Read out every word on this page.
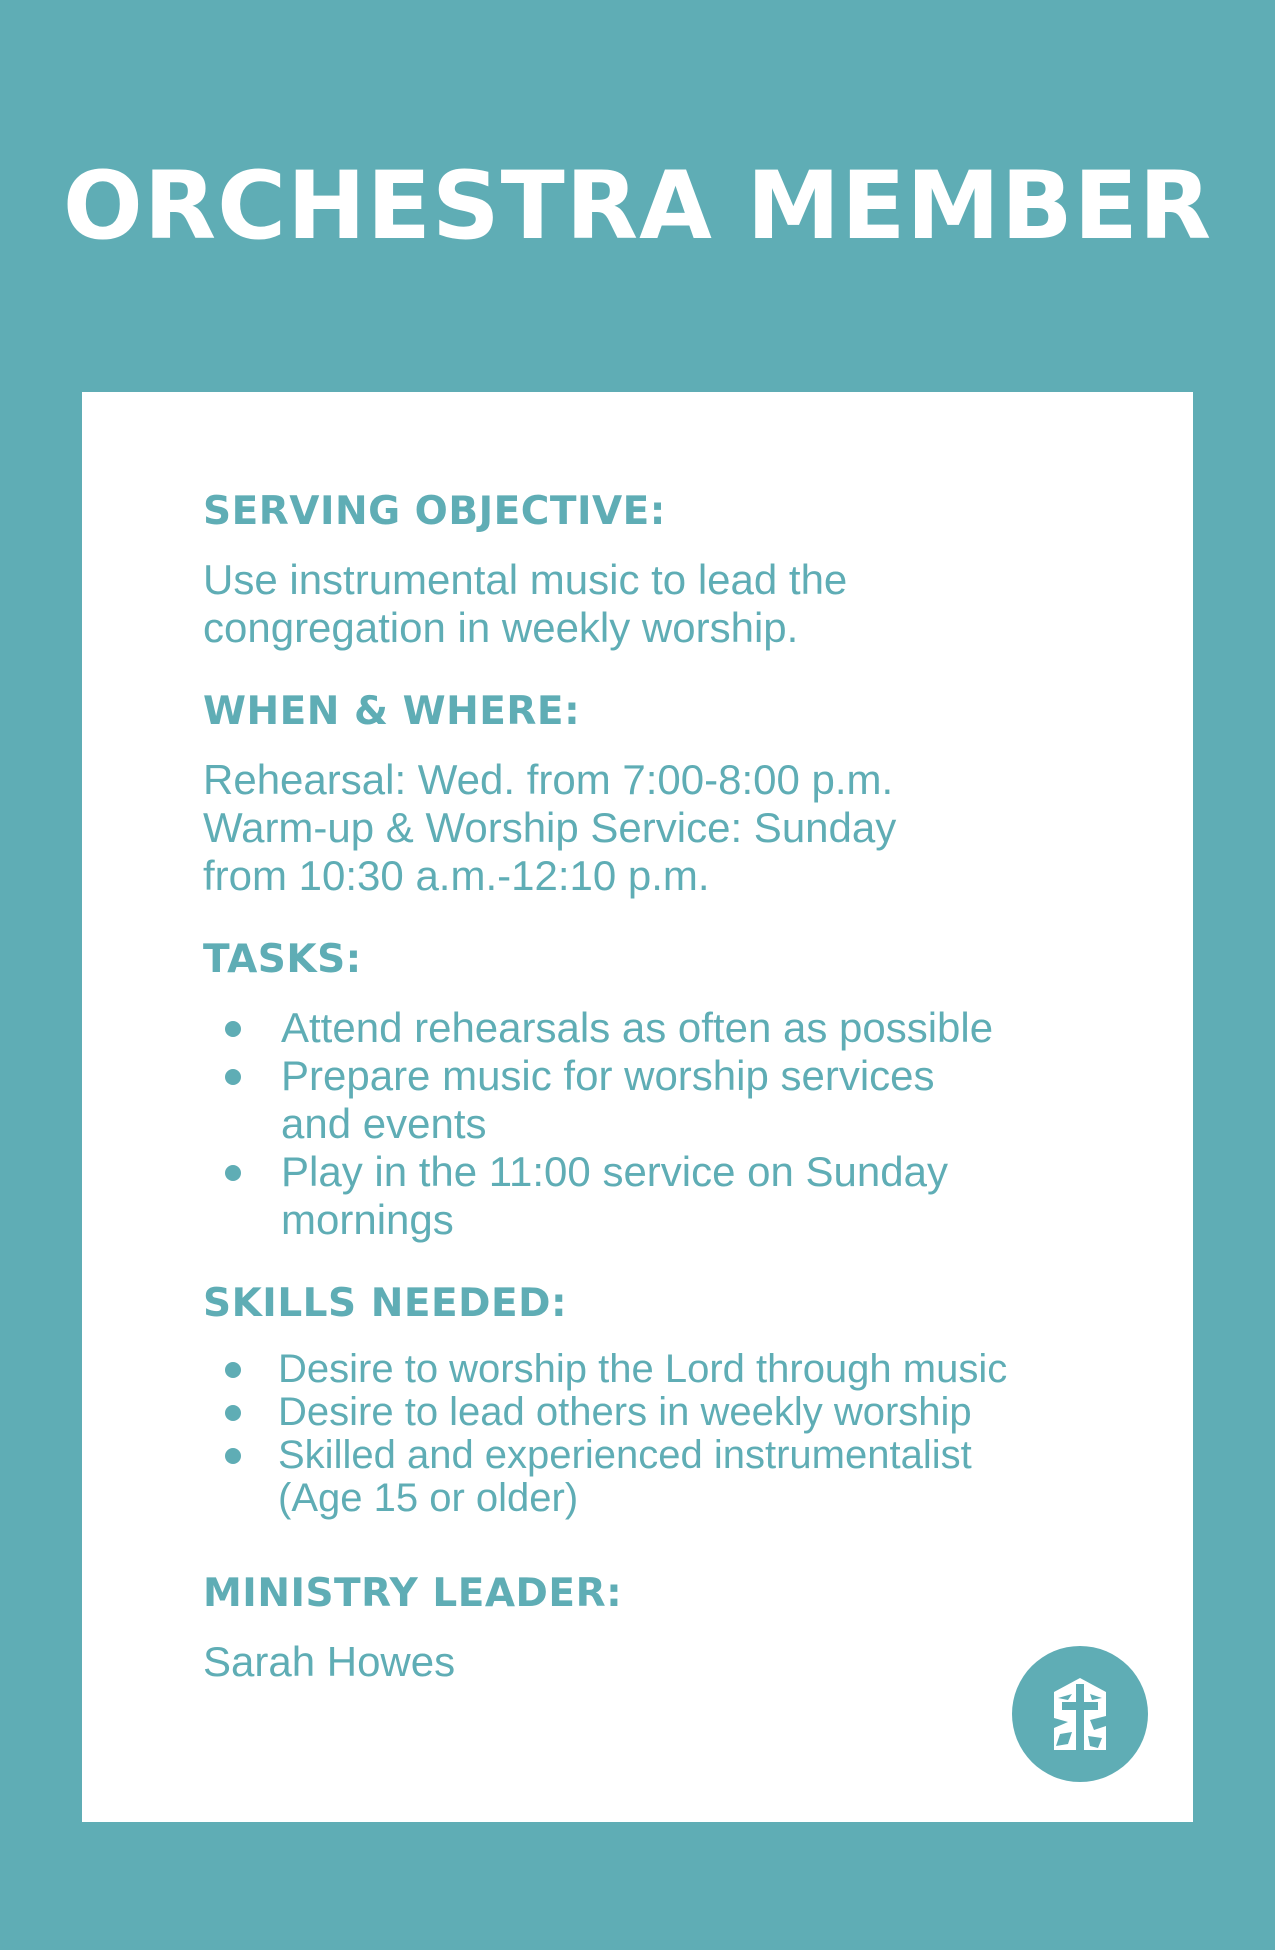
ORCHESTRA MEMBER
SERVING OBJECTIVE:

Use instrumental music to lead the
congregation in weekly worship.

WHEN & WHERE:

Rehearsal: Wed. from 7:00-8:00 p.m.
Warm-up & Worship Service: Sunday
from 10:30 a.m.-12:10 p.m.

TASKS:
Attend rehearsals as often as possible
Prepare music for worship services
and events
Play in the 11:00 service on Sunday
mornings
SKILLS NEEDED:
Desire to worship the Lord through music
Desire to lead others in weekly worship
Skilled and experienced instrumentalist
(Age 15 or older)
MINISTRY LEADER:

Sarah Howes
